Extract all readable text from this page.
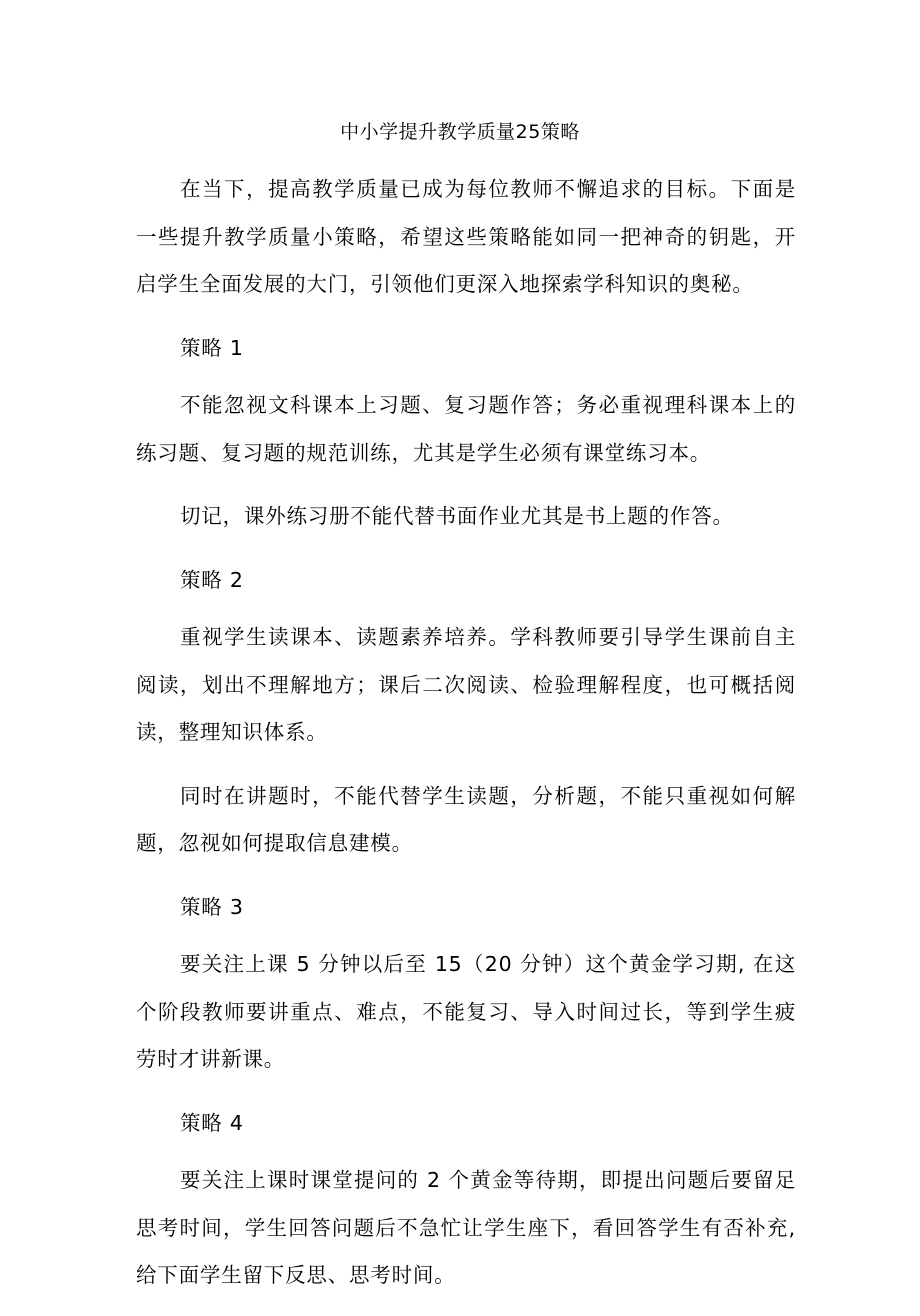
中小学提升教学质量25策略

在当下，提高教学质量已成为每位教师不懈追求的目标。下面是一些提升教学质量小策略，希望这些策略能如同一把神奇的钥匙，开启学生全面发展的大门，引领他们更深入地探索学科知识的奥秘。

策略 1

不能忽视文科课本上习题、复习题作答；务必重视理科课本上的练习题、复习题的规范训练，尤其是学生必须有课堂练习本。

切记，课外练习册不能代替书面作业尤其是书上题的作答。

策略 2

重视学生读课本、读题素养培养。学科教师要引导学生课前自主阅读，划出不理解地方；课后二次阅读、检验理解程度，也可概括阅读，整理知识体系。

同时在讲题时，不能代替学生读题，分析题，不能只重视如何解题，忽视如何提取信息建模。

策略 3

要关注上课 5 分钟以后至 15（20 分钟）这个黄金学习期, 在这个阶段教师要讲重点、难点，不能复习、导入时间过长，等到学生疲劳时才讲新课。

策略 4

要关注上课时课堂提问的 2 个黄金等待期，即提出问题后要留足思考时间，学生回答问题后不急忙让学生座下，看回答学生有否补充, 给下面学生留下反思、思考时间。
